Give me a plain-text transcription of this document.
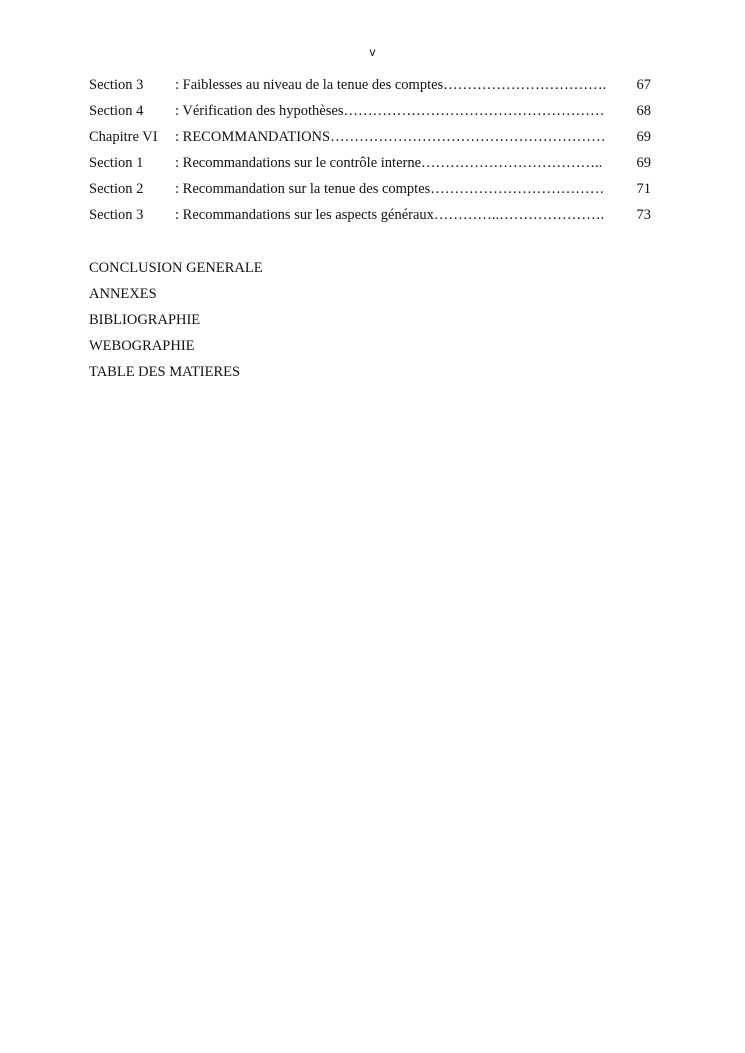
v
Section 3	: Faiblesses au niveau de la tenue des comptes…………………………….	67
Section 4	: Vérification des hypothèses………………………………………………	68
Chapitre VI	: RECOMMANDATIONS…………………………………………………	69
Section 1	: Recommandations sur le contrôle interne………………………………..	69
Section 2	: Recommandation sur la tenue des comptes………………………………	71
Section 3	: Recommandations sur les aspects généraux…………..………………….	73
CONCLUSION GENERALE
ANNEXES
BIBLIOGRAPHIE
WEBOGRAPHIE
TABLE DES MATIERES
